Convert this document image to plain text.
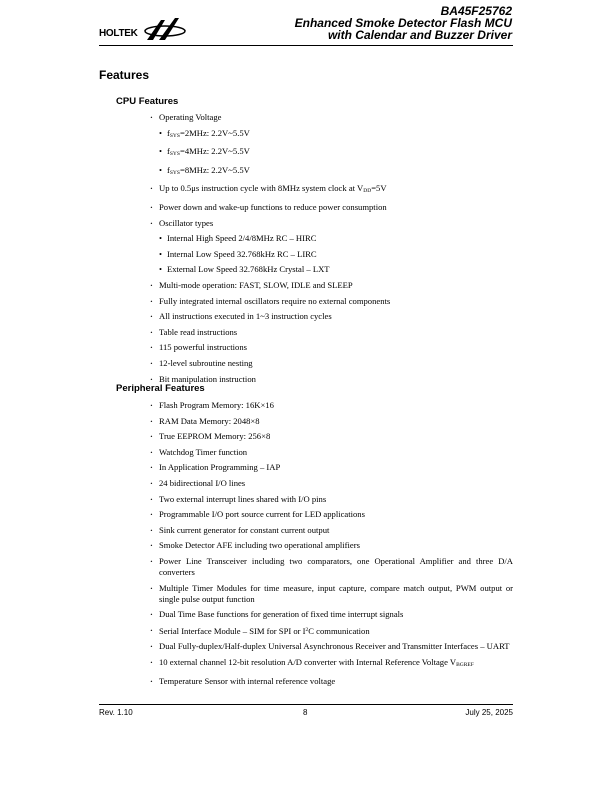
HOLTEK
BA45F25762
Enhanced Smoke Detector Flash MCU
with Calendar and Buzzer Driver
Features
CPU Features
· Operating Voltage
• $f_{SYS}=2MHz$: 2.2V~5.5V
• $f_{SYS}=4MHz$: 2.2V~5.5V
• $f_{SYS}=8MHz$: 2.2V~5.5V
· Up to 0.5μs instruction cycle with 8MHz system clock at $V_{DD}=5V$
· Power down and wake-up functions to reduce power consumption
· Oscillator types
• Internal High Speed 2/4/8MHz RC – HIRC
• Internal Low Speed 32.768kHz RC – LIRC
• External Low Speed 32.768kHz Crystal – LXT
· Multi-mode operation: FAST, SLOW, IDLE and SLEEP
· Fully integrated internal oscillators require no external components
· All instructions executed in 1~3 instruction cycles
· Table read instructions
· 115 powerful instructions
· 12-level subroutine nesting
· Bit manipulation instruction
Peripheral Features
· Flash Program Memory: 16K×16
· RAM Data Memory: 2048×8
· True EEPROM Memory: 256×8
· Watchdog Timer function
· In Application Programming – IAP
· 24 bidirectional I/O lines
· Two external interrupt lines shared with I/O pins
· Programmable I/O port source current for LED applications
· Sink current generator for constant current output
· Smoke Detector AFE including two operational amplifiers
· Power Line Transceiver including two comparators, one Operational Amplifier and three D/A converters
· Multiple Timer Modules for time measure, input capture, compare match output, PWM output or single pulse output function
· Dual Time Base functions for generation of fixed time interrupt signals
· Serial Interface Module – SIM for SPI or $I^2C$ communication
· Dual Fully-duplex/Half-duplex Universal Asynchronous Receiver and Transmitter Interfaces – UART
· 10 external channel 12-bit resolution A/D converter with Internal Reference Voltage $V_{BGREF}$
· Temperature Sensor with internal reference voltage
Rev. 1.10	8	July 25, 2025
